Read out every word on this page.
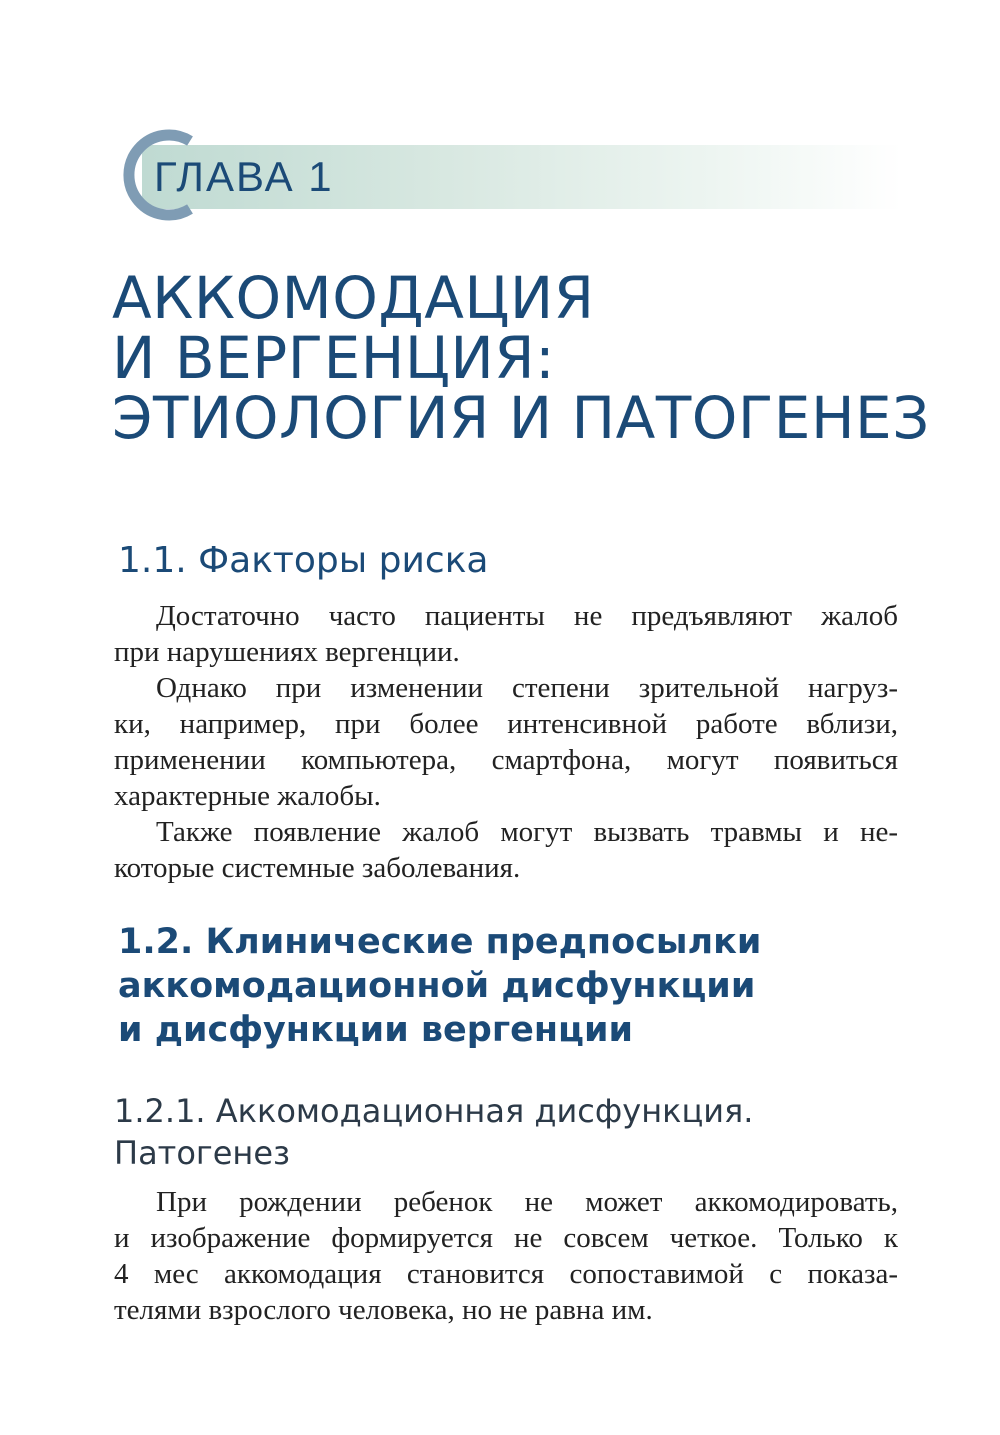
ГЛАВА 1
АККОМОДАЦИЯ
И ВЕРГЕНЦИЯ:
ЭТИОЛОГИЯ И ПАТОГЕНЕЗ
1.1. Факторы риска

Достаточно часто пациенты не предъявляют жалоб
при нарушениях вергенции.

Однако при изменении степени зрительной нагруз-
ки, например, при более интенсивной работе вблизи,
применении компьютера, смартфона, могут появиться
характерные жалобы.

Также появление жалоб могут вызвать травмы и не-
которые системные заболевания.

1.2. Клинические предпосылки
аккомодационной дисфункции
и дисфункции вергенции
1.2.1. Аккомодационная дисфункция.
Патогенез

При рождении ребенок не может аккомодировать,
и изображение формируется не совсем четкое. Только к
4 мес аккомодация становится сопоставимой с показа-
телями взрослого человека, но не равна им.
